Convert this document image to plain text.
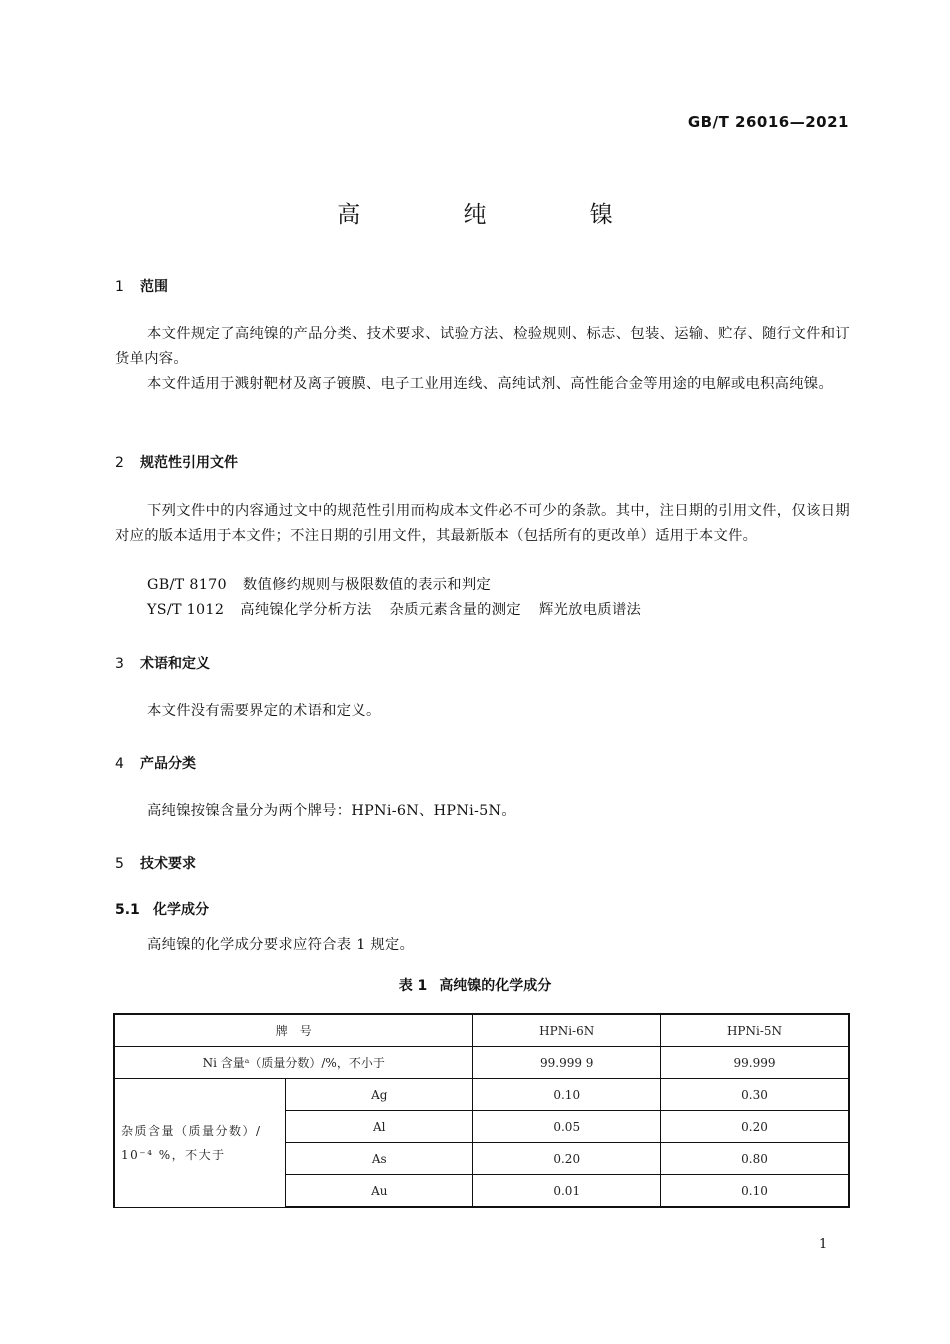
GB/T 26016—2021
高 纯 镍
1 范围
本文件规定了高纯镍的产品分类、技术要求、试验方法、检验规则、标志、包装、运输、贮存、随行文件和订货单内容。
本文件适用于溅射靶材及离子镀膜、电子工业用连线、高纯试剂、高性能合金等用途的电解或电积高纯镍。
2 规范性引用文件
下列文件中的内容通过文中的规范性引用而构成本文件必不可少的条款。其中，注日期的引用文件，仅该日期对应的版本适用于本文件；不注日期的引用文件，其最新版本（包括所有的更改单）适用于本文件。
GB/T 8170 数值修约规则与极限数值的表示和判定
YS/T 1012 高纯镍化学分析方法 杂质元素含量的测定 辉光放电质谱法
3 术语和定义
本文件没有需要界定的术语和定义。
4 产品分类
高纯镍按镍含量分为两个牌号：HPNi-6N、HPNi-5N。
5 技术要求
5.1 化学成分
高纯镍的化学成分要求应符合表 1 规定。
表 1 高纯镍的化学成分
牌　号		HPNi-6N	HPNi-5N
Ni 含量ᵃ（质量分数）/%，不小于		99.999 9	99.999
杂质含量（质量分数）/ 10⁻⁴ %，不大于	Ag	0.10	0.30
	Al	0.05	0.20
	As	0.20	0.80
	Au	0.01	0.10
1
